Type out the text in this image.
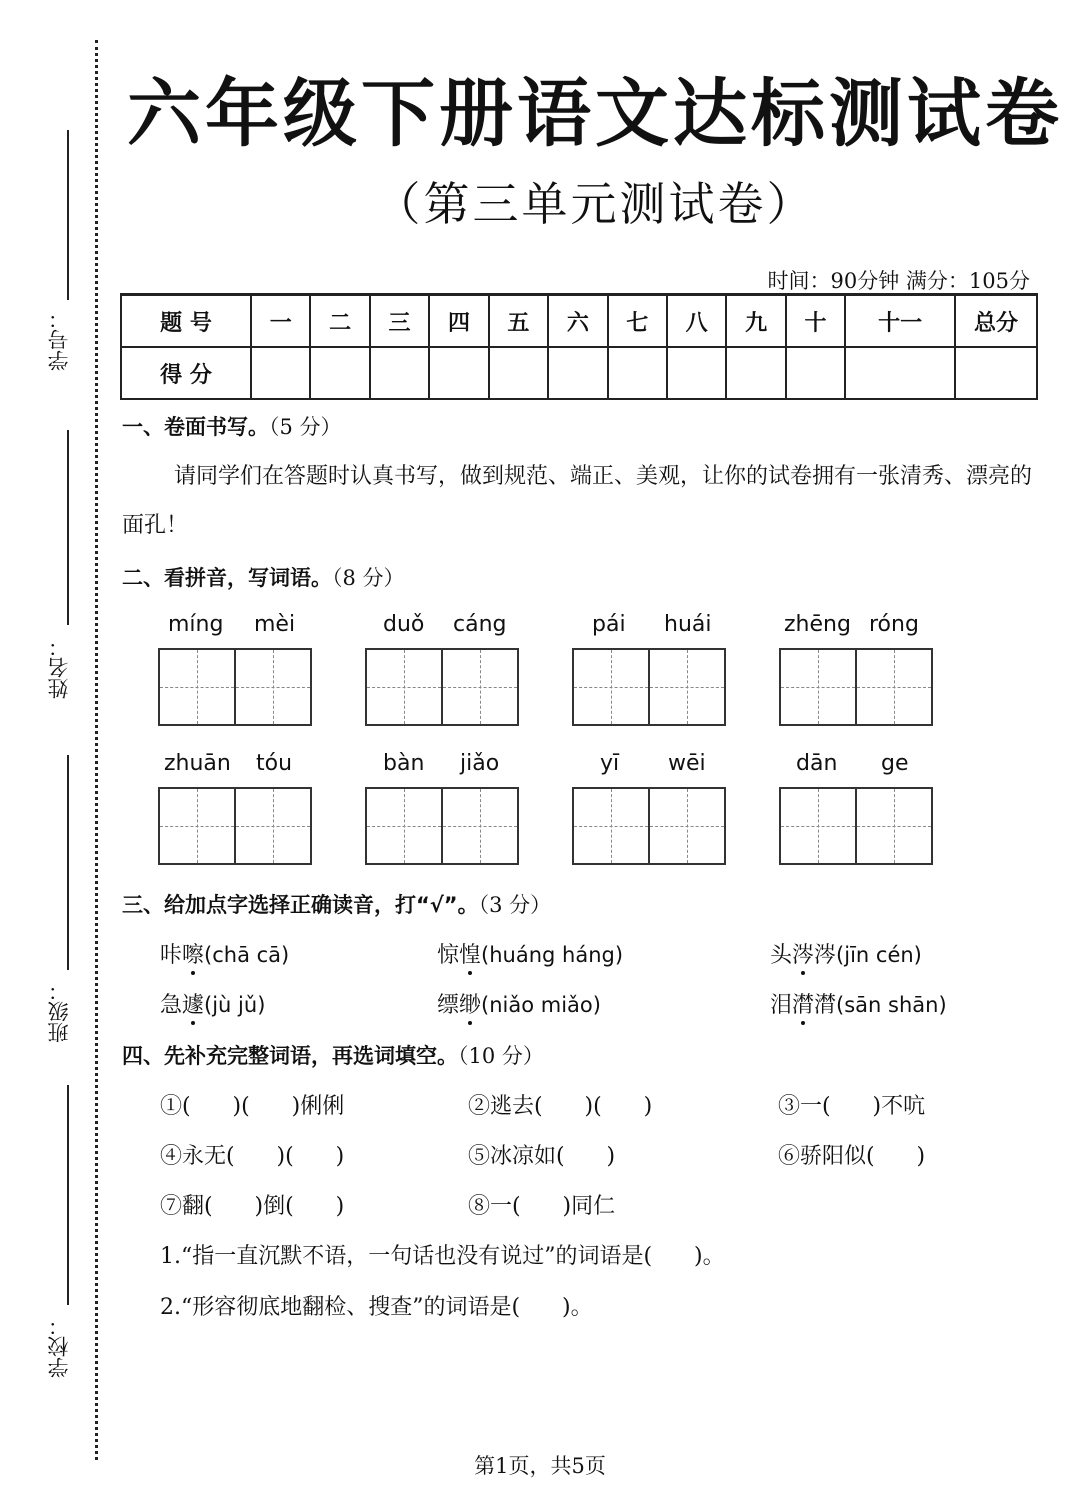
学号：
姓名：
班级：
学校：
六年级下册语文达标测试卷
（第三单元测试卷）
时间：90分钟 满分：105分
题 号	一	二	三	四	五	六	七	八	九	十	十一	总分
得 分												
一、卷面书写。（5 分）
请同学们在答题时认真书写，做到规范、端正、美观，让你的试卷拥有一张清秀、漂亮的面孔！
二、看拼音，写词语。（8 分）
míng mèi	duǒ cáng	pái huái	zhēng róng
zhuān tóu	bàn jiǎo	yī wēi	dān ge
三、给加点字选择正确读音，打“√”。（3 分）
咔嚓(chā cā)	惊惶(huáng háng)	头涔涔(jīn cén)
急遽(jù jǔ)	缥缈(niǎo miǎo)	泪潸潸(sān shān)
四、先补充完整词语，再选词填空。（10 分）
①(      )(      )俐俐	②逃去(      )(      )	③一(      )不吭
④永无(      )(      )	⑤冰凉如(      )	⑥骄阳似(      )
⑦翻(      )倒(      )	⑧一(      )同仁
1.“指一直沉默不语，一句话也没有说过”的词语是(      )。
2.“形容彻底地翻检、搜查”的词语是(      )。
第1页，共5页
